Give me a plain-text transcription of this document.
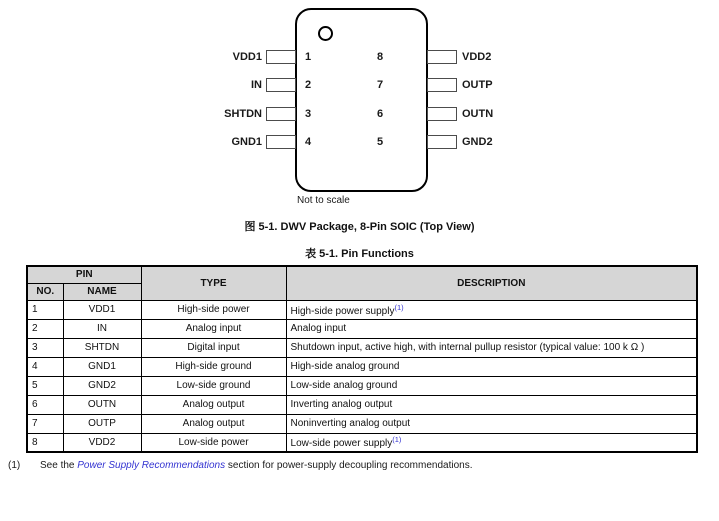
VDD1
IN
SHTDN
GND1
1
2
3
4
VDD2
OUTP
OUTN
GND2
8
7
6
5
Not to scale
图 5-1. DWV Package, 8-Pin SOIC (Top View)
表 5-1. Pin Functions
PIN		TYPE	DESCRIPTION
NO.	NAME		
1	VDD1	High-side power	High-side power supply$^{(1)}$
2	IN	Analog input	Analog input
3	SHTDN	Digital input	Shutdown input, active high, with internal pullup resistor (typical value: 100 k Ω )
4	GND1	High-side ground	High-side analog ground
5	GND2	Low-side ground	Low-side analog ground
6	OUTN	Analog output	Inverting analog output
7	OUTP	Analog output	Noninverting analog output
8	VDD2	Low-side power	Low-side power supply$^{(1)}$
(1) See the Power Supply Recommendations section for power-supply decoupling recommendations.
